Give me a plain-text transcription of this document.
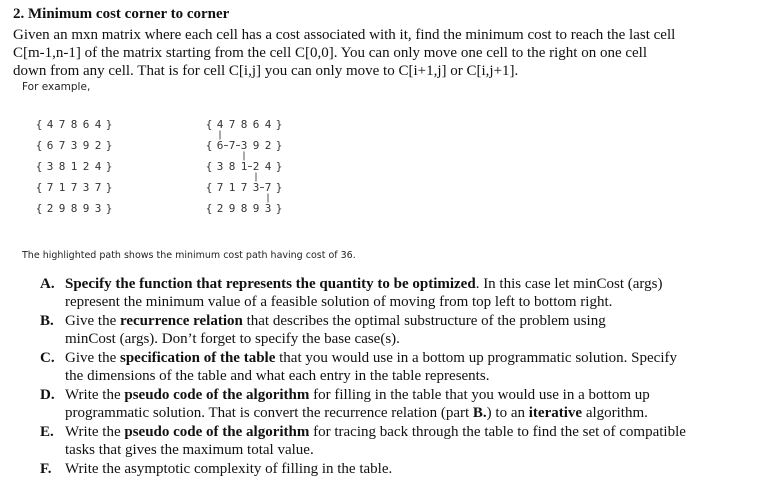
2. Minimum cost corner to corner
Given an mxn matrix where each cell has a cost associated with it, find the minimum cost to reach the last cell
C[m-1,n-1] of the matrix starting from the cell C[0,0]. You can only move one cell to the right on one cell
down from any cell. That is for cell C[i,j] you can only move to C[i+1,j] or C[i,j+1].
For example,
{ 4 7 8 6 4 }
{ 6 7 3 9 2 }
{ 3 8 1 2 4 }
{ 7 1 7 3 7 }
{ 2 9 8 9 3 }
{ 4 7 8 6 4 }
{ 6 7 3 9 2 }
{ 3 8 1 2 4 }
{ 7 1 7 3 7 }
{ 2 9 8 9 3 }
The highlighted path shows the minimum cost path having cost of 36.
A. Specify the function that represents the quantity to be optimized. In this case let minCost (args)
represent the minimum value of a feasible solution of moving from top left to bottom right.
B. Give the recurrence relation that describes the optimal substructure of the problem using
minCost (args). Don’t forget to specify the base case(s).
C. Give the specification of the table that you would use in a bottom up programmatic solution. Specify
the dimensions of the table and what each entry in the table represents.
D. Write the pseudo code of the algorithm for filling in the table that you would use in a bottom up
programmatic solution. That is convert the recurrence relation (part B.) to an iterative algorithm.
E. Write the pseudo code of the algorithm for tracing back through the table to find the set of compatible
tasks that gives the maximum total value.
F. Write the asymptotic complexity of filling in the table.
